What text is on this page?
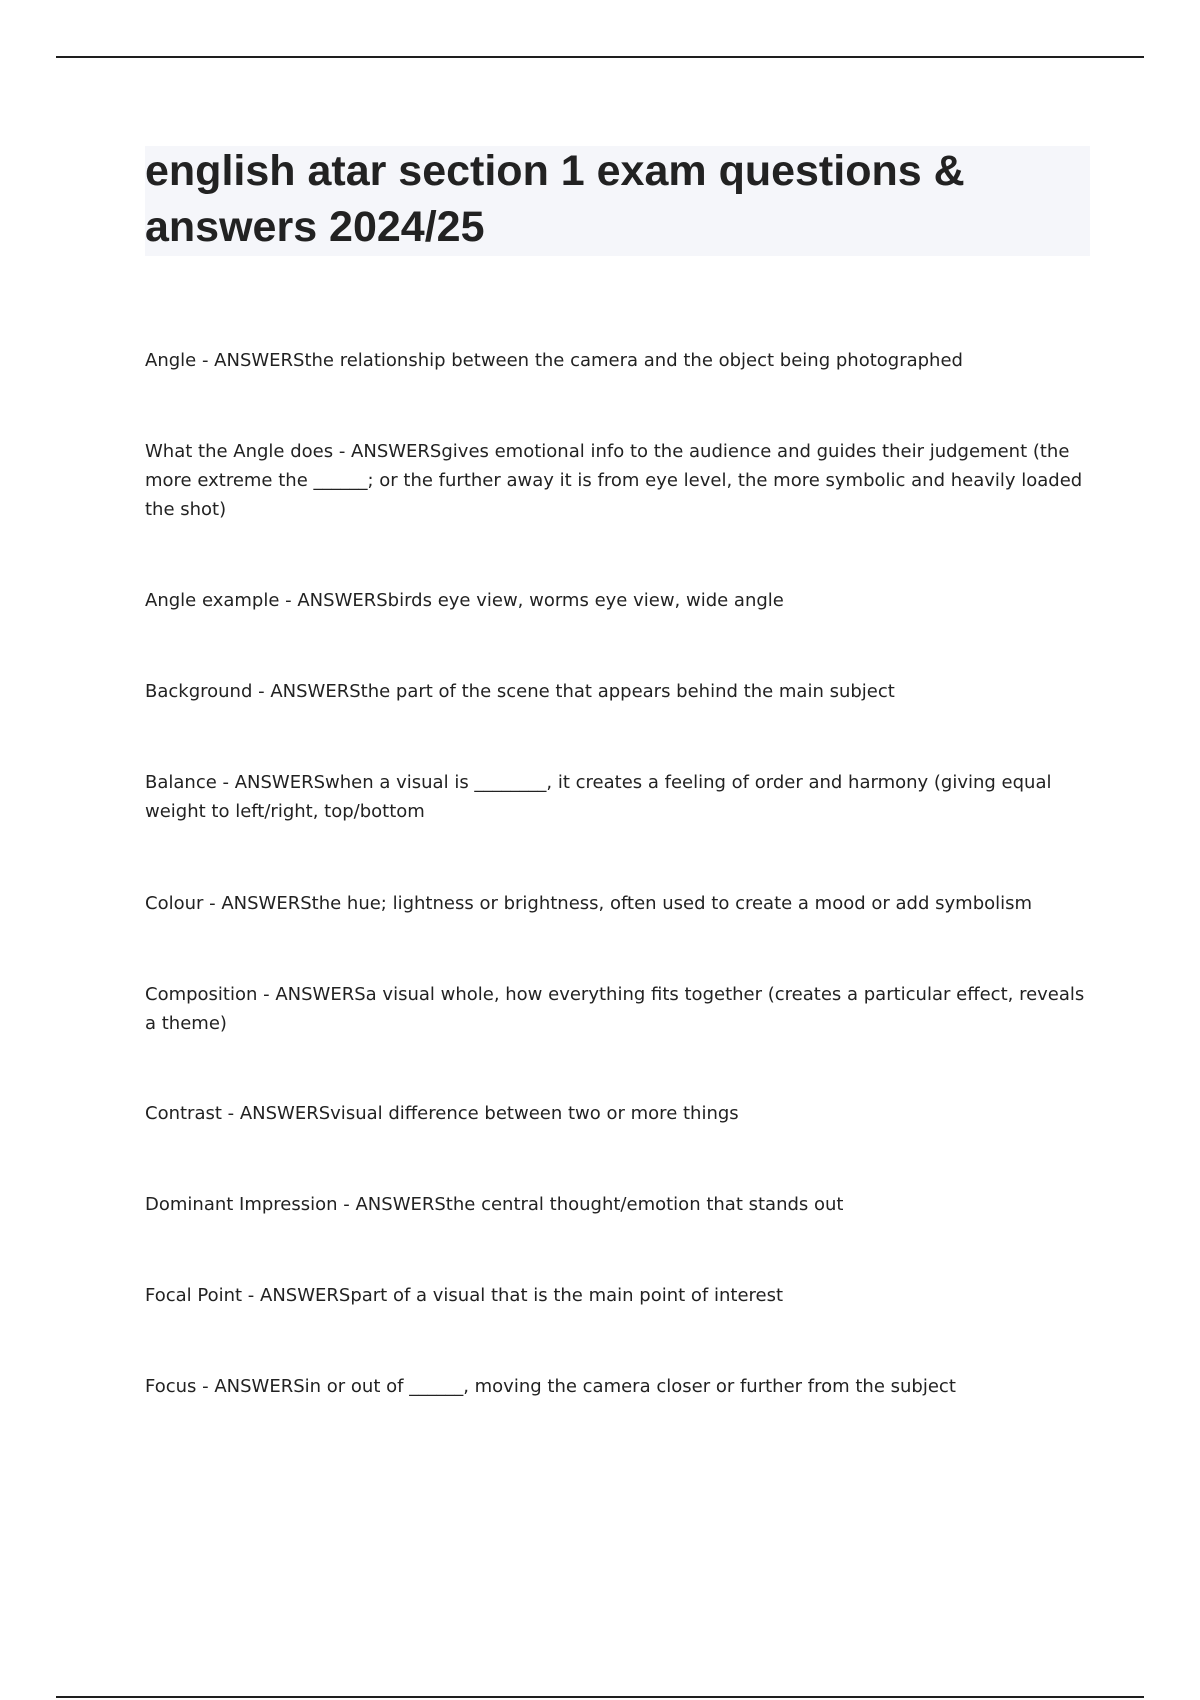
english atar section 1 exam questions & answers 2024/25

Angle - ANSWERSthe relationship between the camera and the object being photographed

What the Angle does - ANSWERSgives emotional info to the audience and guides their judgement (the more extreme the ______; or the further away it is from eye level, the more symbolic and heavily loaded the shot)

Angle example - ANSWERSbirds eye view, worms eye view, wide angle

Background - ANSWERSthe part of the scene that appears behind the main subject

Balance - ANSWERSwhen a visual is ________, it creates a feeling of order and harmony (giving equal weight to left/right, top/bottom

Colour - ANSWERSthe hue; lightness or brightness, often used to create a mood or add symbolism

Composition - ANSWERSa visual whole, how everything fits together (creates a particular effect, reveals a theme)

Contrast - ANSWERSvisual difference between two or more things

Dominant Impression - ANSWERSthe central thought/emotion that stands out

Focal Point - ANSWERSpart of a visual that is the main point of interest

Focus - ANSWERSin or out of ______, moving the camera closer or further from the subject
